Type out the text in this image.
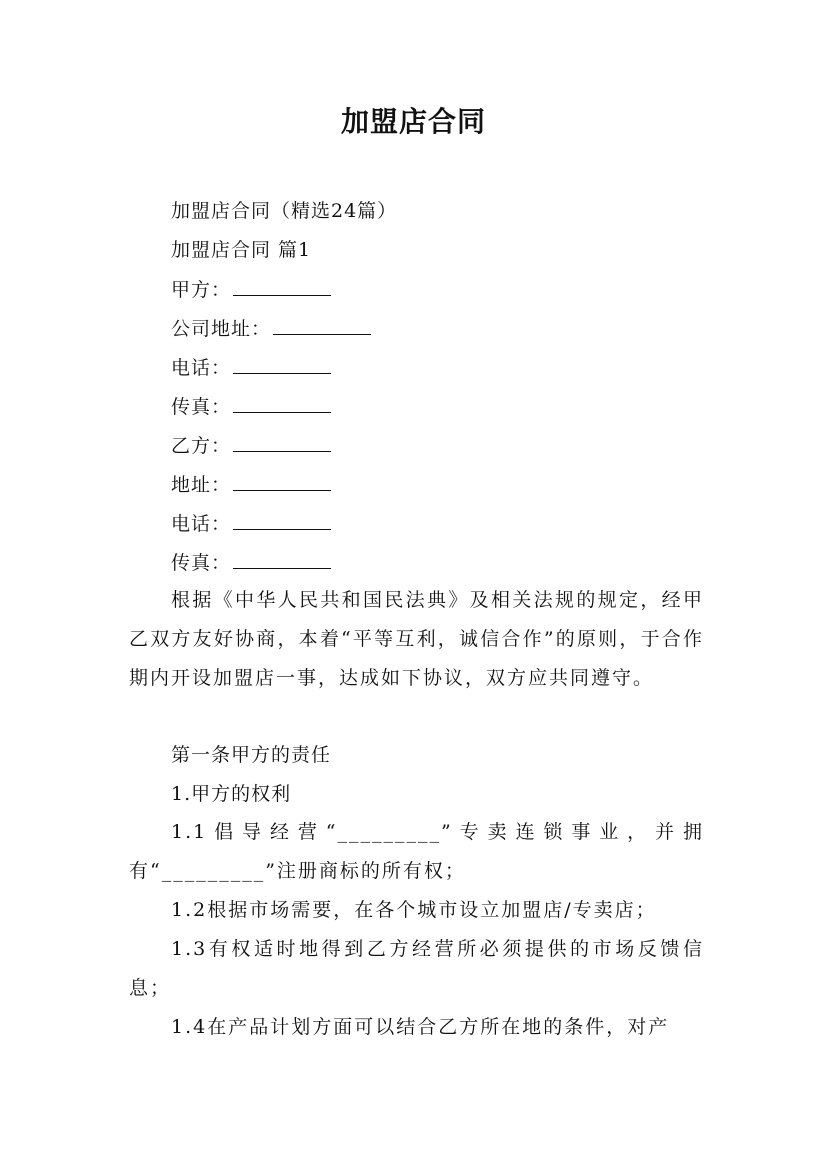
加盟店合同
加盟店合同（精选24篇）
加盟店合同 篇1
甲方：
公司地址：
电话：
传真：
乙方：
地址：
电话：
传真：

根据《中华人民共和国民法典》及相关法规的规定，经甲乙双方友好协商，本着“平等互利，诚信合作”的原则，于合作期内开设加盟店一事，达成如下协议，双方应共同遵守。

第一条甲方的责任
1.甲方的权利

1.1倡导经营“_________”专卖连锁事业，并拥有“_________”注册商标的所有权；

1.2根据市场需要，在各个城市设立加盟店/专卖店；

1.3有权适时地得到乙方经营所必须提供的市场反馈信息；

1.4在产品计划方面可以结合乙方所在地的条件，对产
